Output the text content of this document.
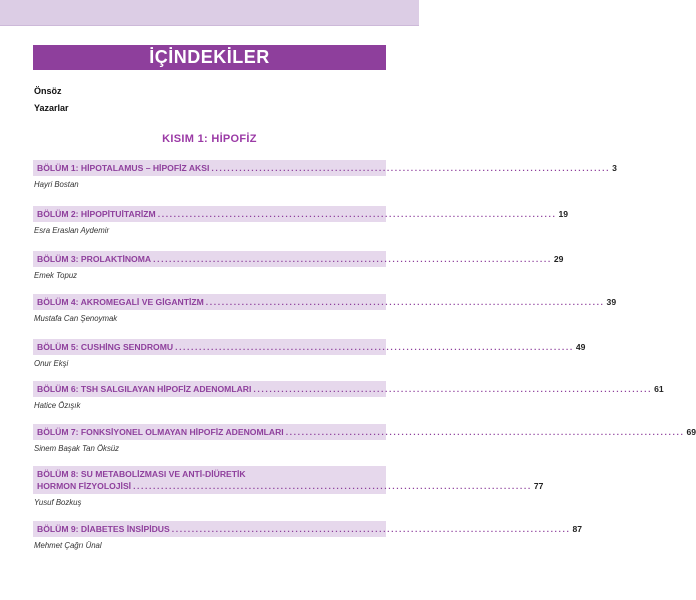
İÇİNDEKİLER
Önsöz
Yazarlar
KISIM 1: HİPOFİZ
BÖLÜM 1: HİPOTALAMUS – HİPOFİZ AKSI .................................................................................................... 3
Hayri Bostan
BÖLÜM 2: HİPOPİTUİTARİZM .................................................................................................... 19
Esra Eraslan Aydemir
BÖLÜM 3: PROLAKTİNOMA .................................................................................................... 29
Emek Topuz
BÖLÜM 4: AKROMEGALİ VE GİGANTİZM .................................................................................................... 39
Mustafa Can Şenoymak
BÖLÜM 5: CUSHİNG SENDROMU .................................................................................................... 49
Onur Ekşi
BÖLÜM 6: TSH SALGILAYAN HİPOFİZ ADENOMLARI .................................................................................................... 61
Hatice Özışık
BÖLÜM 7: FONKSİYONEL OLMAYAN HİPOFİZ ADENOMLARI .................................................................................................... 69
Sinem Başak Tan Öksüz
BÖLÜM 8: SU METABOLİZMASI VE ANTİ-DİÜRETİK
HORMON FİZYOLOJİSİ .................................................................................................... 77
Yusuf Bozkuş
BÖLÜM 9: DİABETES İNSİPİDUS .................................................................................................... 87
Mehmet Çağrı Ünal
